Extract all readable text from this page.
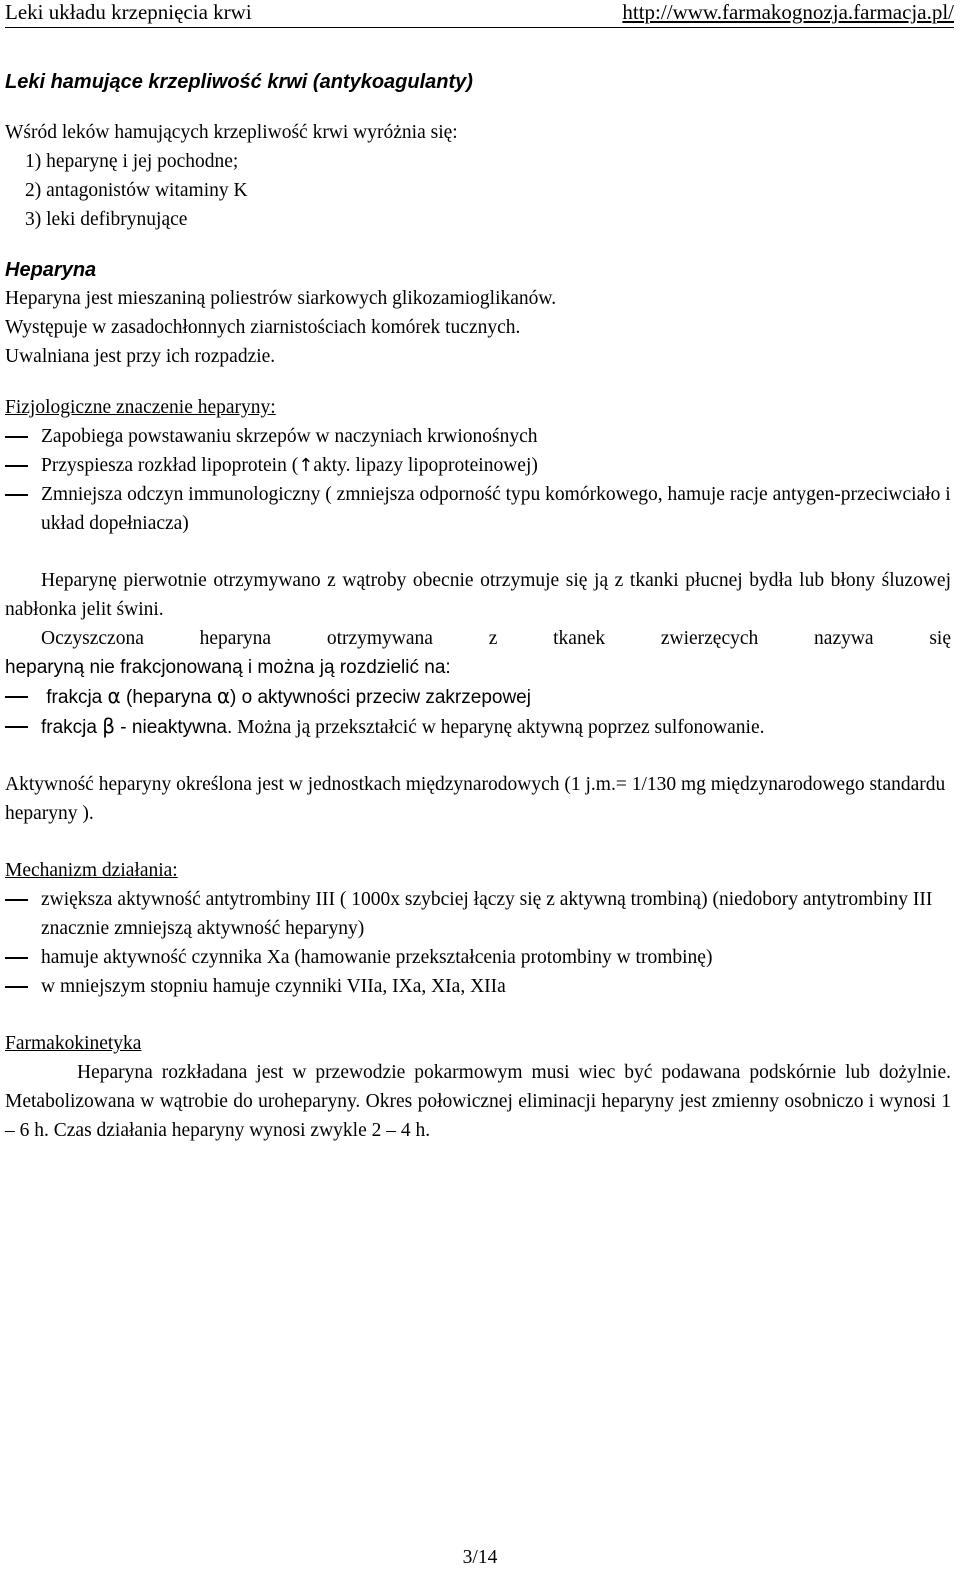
Leki układu krzepnięcia krwi	http://www.farmakognozja.farmacja.pl/
Leki hamujące krzepliwość krwi (antykoagulanty)

Wśród leków hamujących krzepliwość krwi wyróżnia się:

1) heparynę i jej pochodne;

2) antagonistów witaminy K

3) leki defibrynujące

Heparyna

Heparyna jest mieszaniną poliestrów siarkowych glikozamioglikanów.

Występuje w zasadochłonnych ziarnistościach komórek tucznych.

Uwalniana jest przy ich rozpadzie.

Fizjologiczne znaczenie heparyny:

Zapobiega powstawaniu skrzepów w naczyniach krwionośnych
Przyspiesza rozkład lipoprotein (↑akty. lipazy lipoproteinowej)
Zmniejsza odczyn immunologiczny ( zmniejsza odporność typu komórkowego, hamuje racje antygen-przeciwciało i układ dopełniacza)

Heparynę pierwotnie otrzymywano z wątroby obecnie otrzymuje się ją z tkanki płucnej bydła lub błony śluzowej nabłonka jelit świni.

Oczyszczona heparyna otrzymywana z tkanek zwierzęcych nazywa się

heparyną nie frakcjonowaną i można ją rozdzielić na:

frakcja α (heparyna α) o aktywności przeciw zakrzepowej
frakcja β - nieaktywna. Można ją przekształcić w heparynę aktywną poprzez sulfonowanie.

Aktywność heparyny określona jest w jednostkach międzynarodowych (1 j.m.= 1/130 mg międzynarodowego standardu heparyny ).

Mechanizm działania:

zwiększa aktywność antytrombiny III ( 1000x szybciej łączy się z aktywną trombiną) (niedobory antytrombiny III znacznie zmniejszą aktywność heparyny)
hamuje aktywność czynnika Xa (hamowanie przekształcenia protombiny w trombinę)
w mniejszym stopniu hamuje czynniki VIIa, IXa, XIa, XIIa

Farmakokinetyka

Heparyna rozkładana jest w przewodzie pokarmowym musi wiec być podawana podskórnie lub dożylnie. Metabolizowana w wątrobie do uroheparyny. Okres połowicznej eliminacji heparyny jest zmienny osobniczo i wynosi 1 – 6 h. Czas działania heparyny wynosi zwykle 2 – 4 h.

3/14
